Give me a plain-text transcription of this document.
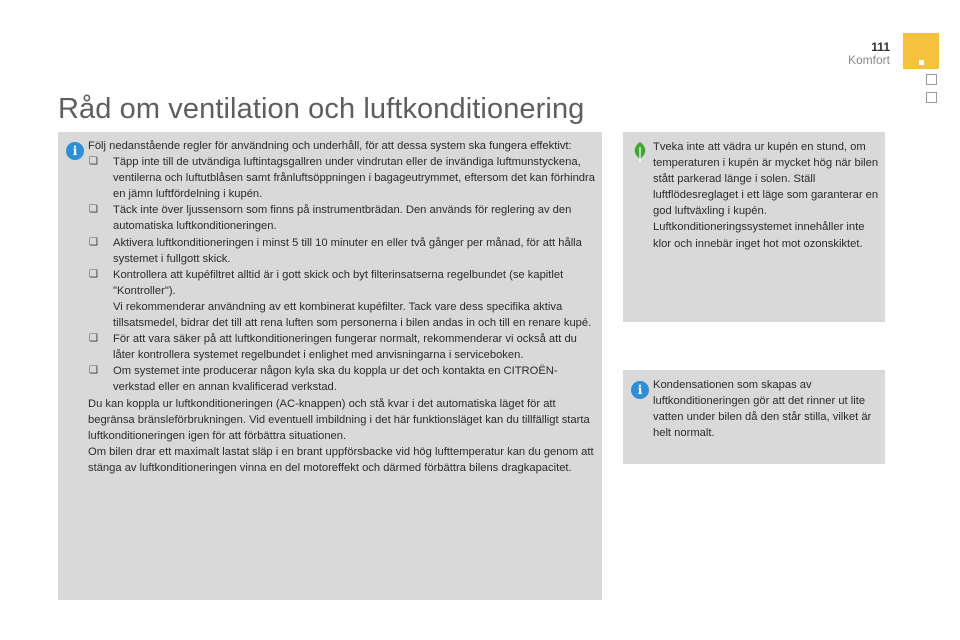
111
Komfort
Råd om ventilation och luftkonditionering
i Följ nedanstående regler för användning och underhåll, för att dessa system ska fungera effektivt:

❑ Täpp inte till de utvändiga luftintagsgallren under vindrutan eller de invändiga luftmunstyckena, ventilerna och luftutblåsen samt frånluftsöppningen i bagageutrymmet, eftersom det kan förhindra en jämn luftfördelning i kupén.
❑ Täck inte över ljussensorn som finns på instrumentbrädan. Den används för reglering av den automatiska luftkonditioneringen.
❑ Aktivera luftkonditioneringen i minst 5 till 10 minuter en eller två gånger per månad, för att hålla systemet i fullgott skick.
❑ Kontrollera att kupéfiltret alltid är i gott skick och byt filterinsatserna regelbundet (se kapitlet "Kontroller").
Vi rekommenderar användning av ett kombinerat kupéfilter. Tack vare dess specifika aktiva tillsatsmedel, bidrar det till att rena luften som personerna i bilen andas in och till en renare kupé.
❑ För att vara säker på att luftkonditioneringen fungerar normalt, rekommenderar vi också att du låter kontrollera systemet regelbundet i enlighet med anvisningarna i serviceboken.
❑ Om systemet inte producerar någon kyla ska du koppla ur det och kontakta en CITROËN-verkstad eller en annan kvalificerad verkstad.

Du kan koppla ur luftkonditioneringen (AC-knappen) och stå kvar i det automatiska läget för att begränsa bränsleförbrukningen. Vid eventuell imbildning i det här funktionsläget kan du tillfälligt starta luftkonditioneringen igen för att förbättra situationen.

Om bilen drar ett maximalt lastat släp i en brant uppförsbacke vid hög lufttemperatur kan du genom att stänga av luftkonditioneringen vinna en del motoreffekt och därmed förbättra bilens dragkapacitet.

Tveka inte att vädra ur kupén en stund, om temperaturen i kupén är mycket hög när bilen stått parkerad länge i solen. Ställ luftflödesreglaget i ett läge som garanterar en god luftväxling i kupén. Luftkonditioneringssystemet innehåller inte klor och innebär inget hot mot ozonskiktet.
i Kondensationen som skapas av luftkonditioneringen gör att det rinner ut lite vatten under bilen då den står stilla, vilket är helt normalt.
